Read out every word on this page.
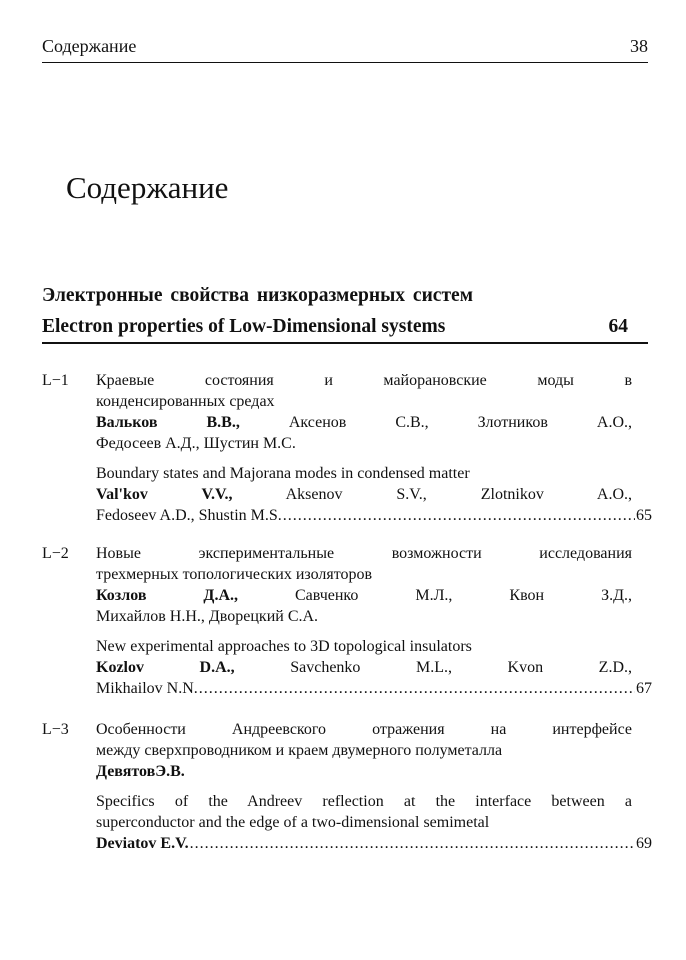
Содержание	38
Содержание
Электронные свойства низкоразмерных систем
Electron properties of Low-Dimensional systems	64
L−1 Краевые состояния и майорановские моды в
конденсированных средах
Вальков В.В., Аксенов С.В., Злотников А.О.,
Федосеев А.Д., Шустин М.С.
Boundary states and Majorana modes in condensed matter
Val'kov V.V., Aksenov S.V., Zlotnikov A.O.,
Fedoseev A.D., Shustin M.S. .....	65
L−2 Новые экспериментальные возможности исследования
трехмерных топологических изоляторов
Козлов Д.А., Савченко М.Л., Квон З.Д.,
Михайлов Н.Н., Дворецкий С.А.
New experimental approaches to 3D topological insulators
Kozlov D.A., Savchenko M.L., Kvon Z.D.,
Mikhailov N.N. .....	67
L−3 Особенности Андреевского отражения на интерфейсе
между сверхпроводником и краем двумерного полуметалла
ДевятовЭ.В.
Specifics of the Andreev reflection at the interface between a
superconductor and the edge of a two-dimensional semimetal
Deviatov E.V. .....	69
